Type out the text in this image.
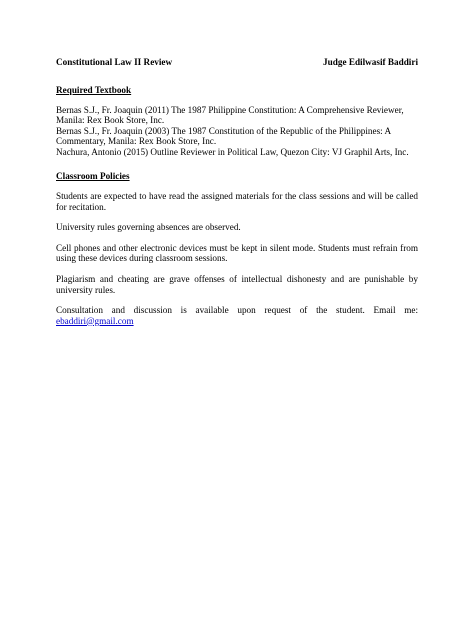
Constitutional Law II Review	Judge Edilwasif Baddiri
Required Textbook

Bernas S.J., Fr. Joaquin (2011) The 1987 Philippine Constitution: A Comprehensive Reviewer, Manila: Rex Book Store, Inc.

Bernas S.J., Fr. Joaquin (2003) The 1987 Constitution of the Republic of the Philippines: A Commentary, Manila: Rex Book Store, Inc.

Nachura, Antonio (2015) Outline Reviewer in Political Law, Quezon City: VJ Graphil Arts, Inc.

Classroom Policies

Students are expected to have read the assigned materials for the class sessions and will be called for recitation.

University rules governing absences are observed.

Cell phones and other electronic devices must be kept in silent mode. Students must refrain from using these devices during classroom sessions.

Plagiarism and cheating are grave offenses of intellectual dishonesty and are punishable by university rules.

Consultation and discussion is available upon request of the student. Email me: ebaddiri@gmail.com
